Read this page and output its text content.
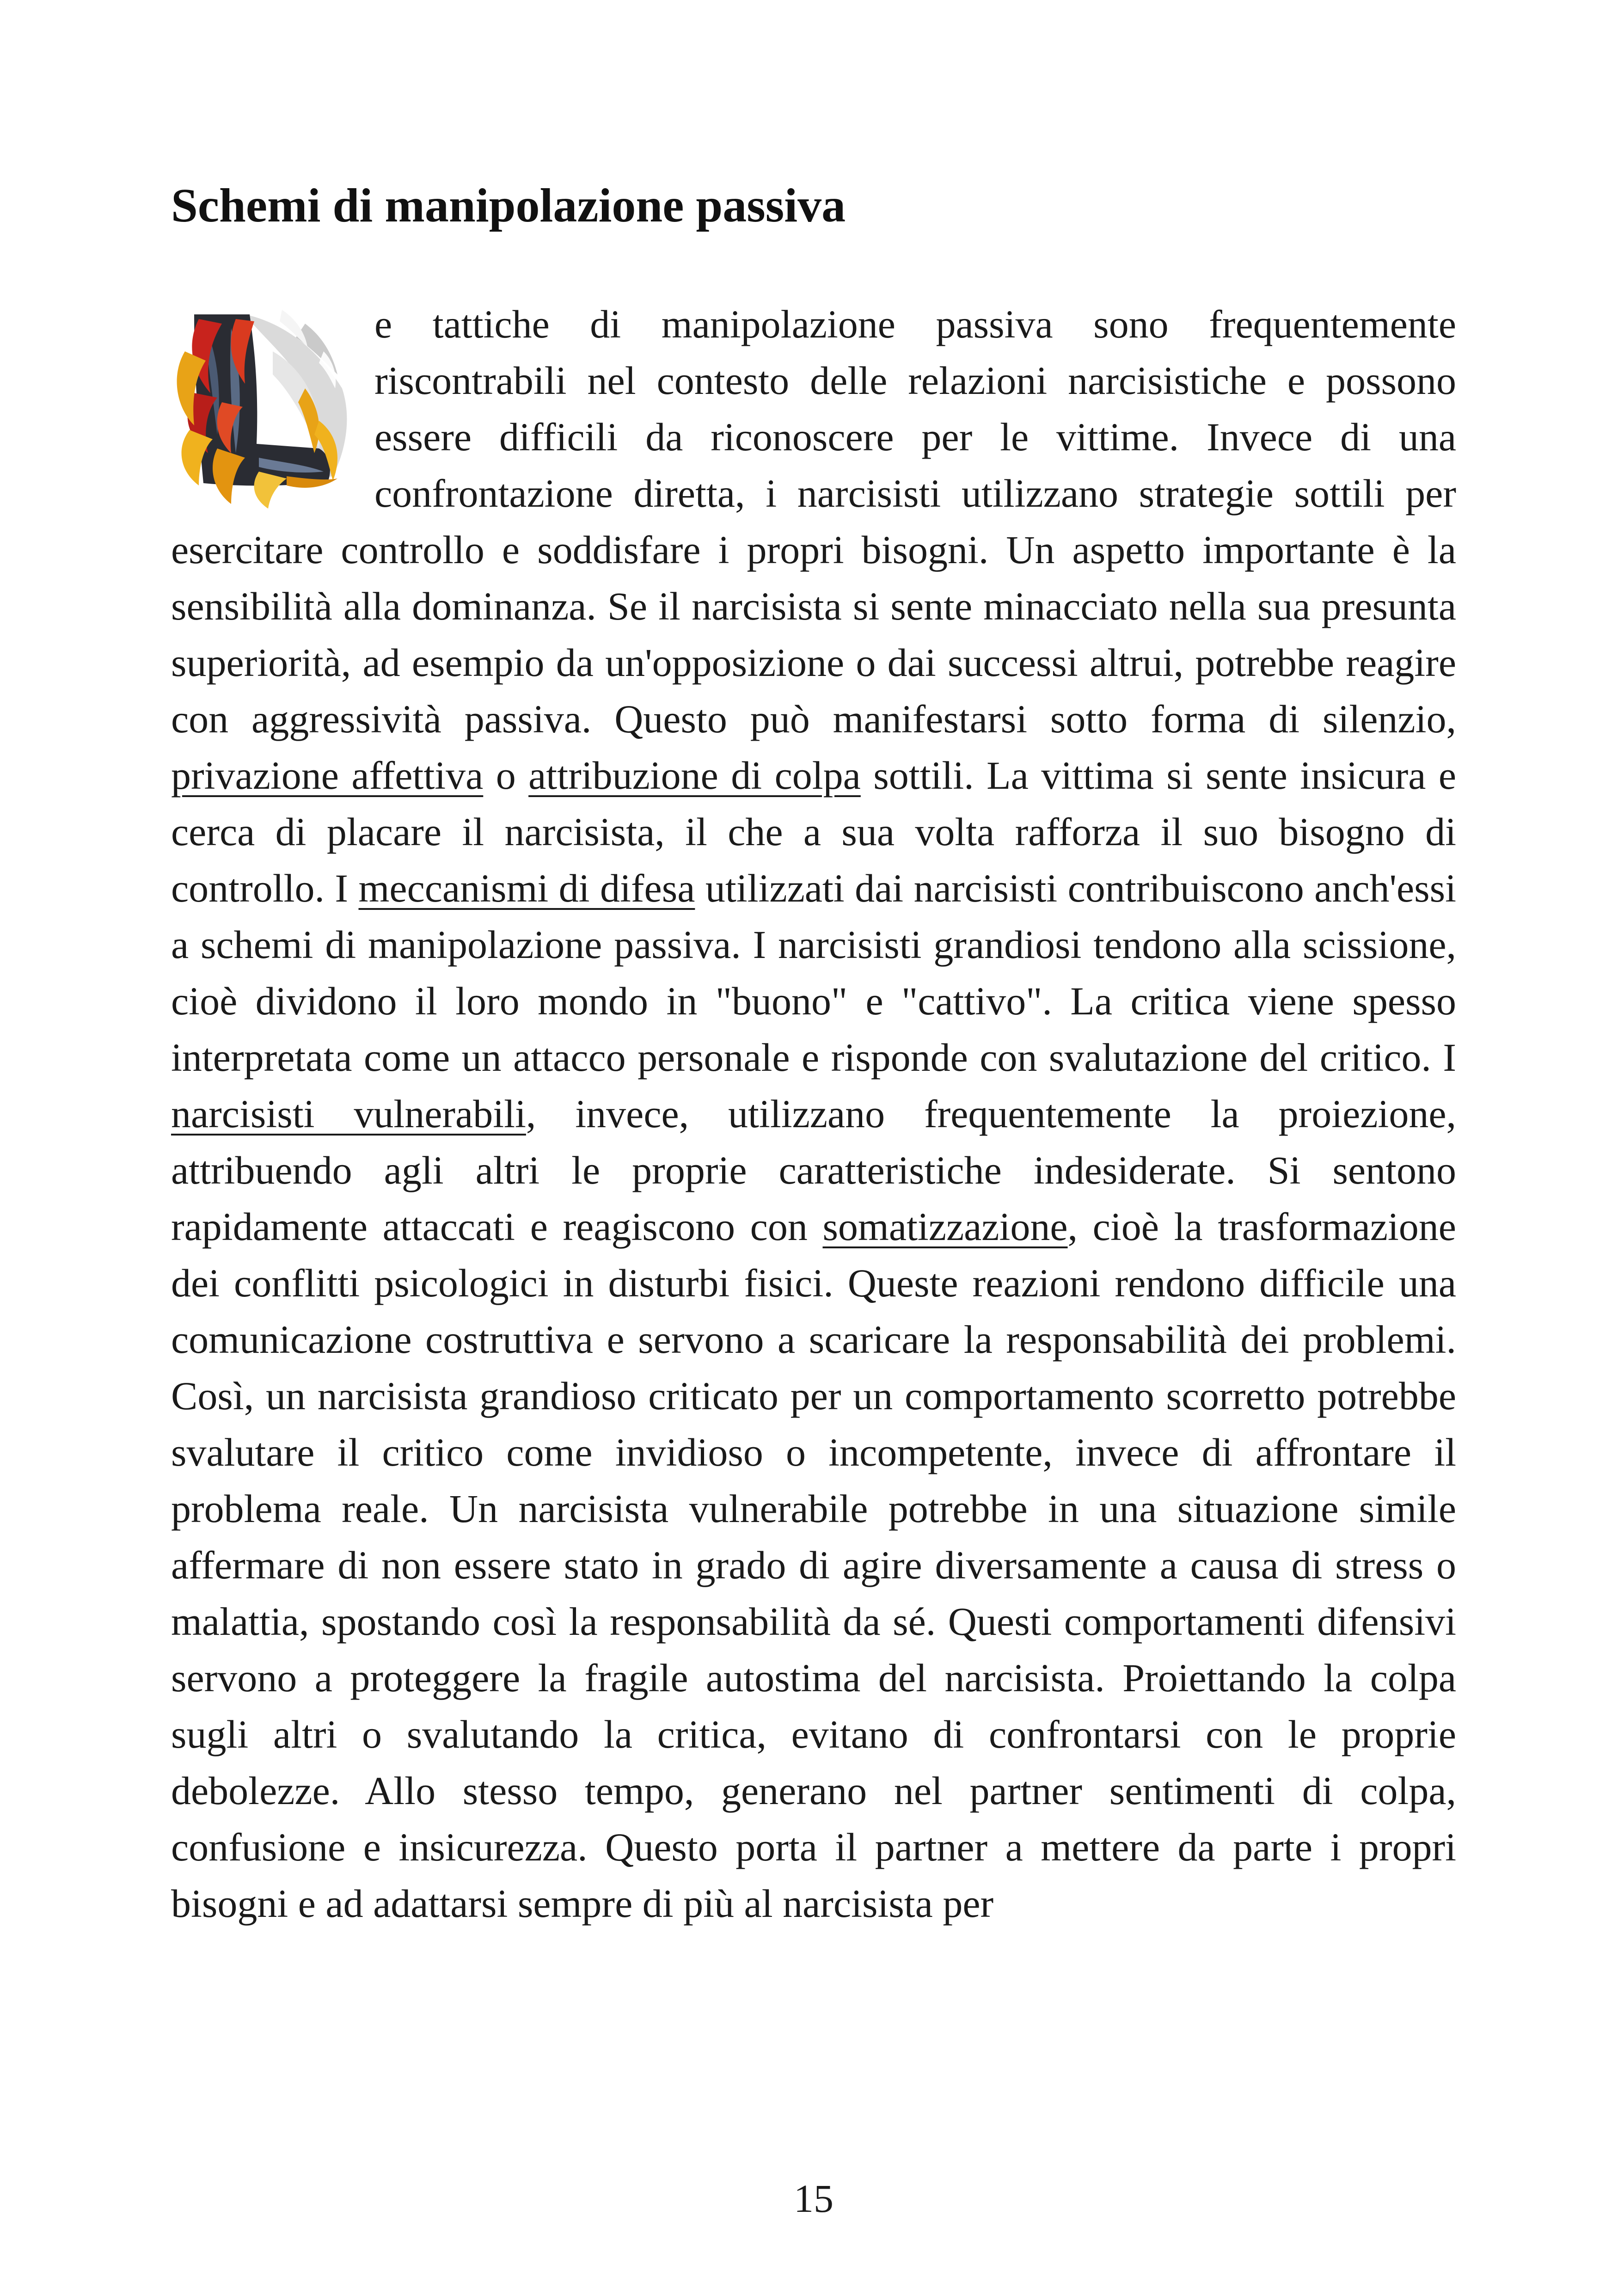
Schemi di manipolazione passiva

e tattiche di manipolazione passiva sono frequentemente riscontrabili nel contesto delle relazioni narcisistiche e possono essere difficili da riconoscere per le vittime. Invece di una confrontazione diretta, i narcisisti utilizzano strategie sottili per esercitare controllo e soddisfare i propri bisogni. Un aspetto importante è la sensibilità alla dominanza. Se il narcisista si sente minacciato nella sua presunta superiorità, ad esempio da un'opposizione o dai successi altrui, potrebbe reagire con aggressività passiva. Questo può manifestarsi sotto forma di silenzio, privazione affettiva o attribuzione di colpa sottili. La vittima si sente insicura e cerca di placare il narcisista, il che a sua volta rafforza il suo bisogno di controllo. I meccanismi di difesa utilizzati dai narcisisti contribuiscono anch'essi a schemi di manipolazione passiva. I narcisisti grandiosi tendono alla scissione, cioè dividono il loro mondo in "buono" e "cattivo". La critica viene spesso interpretata come un attacco personale e risponde con svalutazione del critico. I narcisisti vulnerabili, invece, utilizzano frequentemente la proiezione, attribuendo agli altri le proprie caratteristiche indesiderate. Si sentono rapidamente attaccati e reagiscono con somatizzazione, cioè la trasformazione dei conflitti psicologici in disturbi fisici. Queste reazioni rendono difficile una comunicazione costruttiva e servono a scaricare la responsabilità dei problemi. Così, un narcisista grandioso criticato per un comportamento scorretto potrebbe svalutare il critico come invidioso o incompetente, invece di affrontare il problema reale. Un narcisista vulnerabile potrebbe in una situazione simile affermare di non essere stato in grado di agire diversamente a causa di stress o malattia, spostando così la responsabilità da sé. Questi comportamenti difensivi servono a proteggere la fragile autostima del narcisista. Proiettando la colpa sugli altri o svalutando la critica, evitano di confrontarsi con le proprie debolezze. Allo stesso tempo, generano nel partner sentimenti di colpa, confusione e insicurezza. Questo porta il partner a mettere da parte i propri bisogni e ad adattarsi sempre di più al narcisista per

15
